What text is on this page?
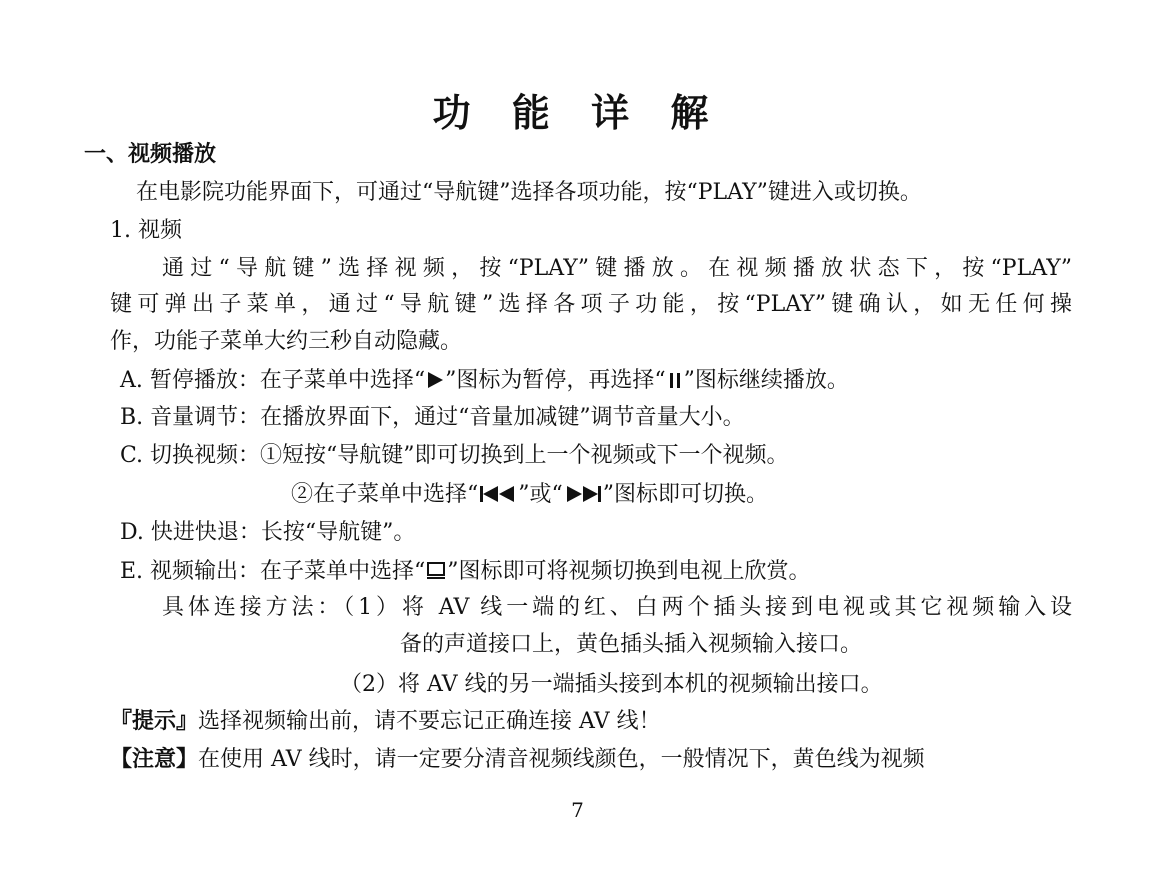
功 能 详 解
一、视频播放
在电影院功能界面下，可通过“导航键”选择各项功能，按“PLAY”键进入或切换。
1. 视频
通过“导航键”选择视频，按“PLAY”键播放。在视频播放状态下，按“PLAY”
键可弹出子菜单，通过“导航键”选择各项子功能，按“PLAY”键确认，如无任何操
作，功能子菜单大约三秒自动隐藏。
A. 暂停播放：在子菜单中选择“ ”图标为暂停，再选择“ ”图标继续播放。
B. 音量调节：在播放界面下，通过“音量加减键”调节音量大小。
C. 切换视频：①短按“导航键”即可切换到上一个视频或下一个视频。
②在子菜单中选择“ ”或“ ”图标即可切换。
D. 快进快退：长按“导航键”。
E. 视频输出：在子菜单中选择“ ”图标即可将视频切换到电视上欣赏。
具体连接方法：（1）将 AV 线一端的红、白两个插头接到电视或其它视频输入设
备的声道接口上，黄色插头插入视频输入接口。
（2）将 AV 线的另一端插头接到本机的视频输出接口。
『提示』选择视频输出前，请不要忘记正确连接 AV 线！
【注意】在使用 AV 线时，请一定要分清音视频线颜色，一般情况下，黄色线为视频
7
